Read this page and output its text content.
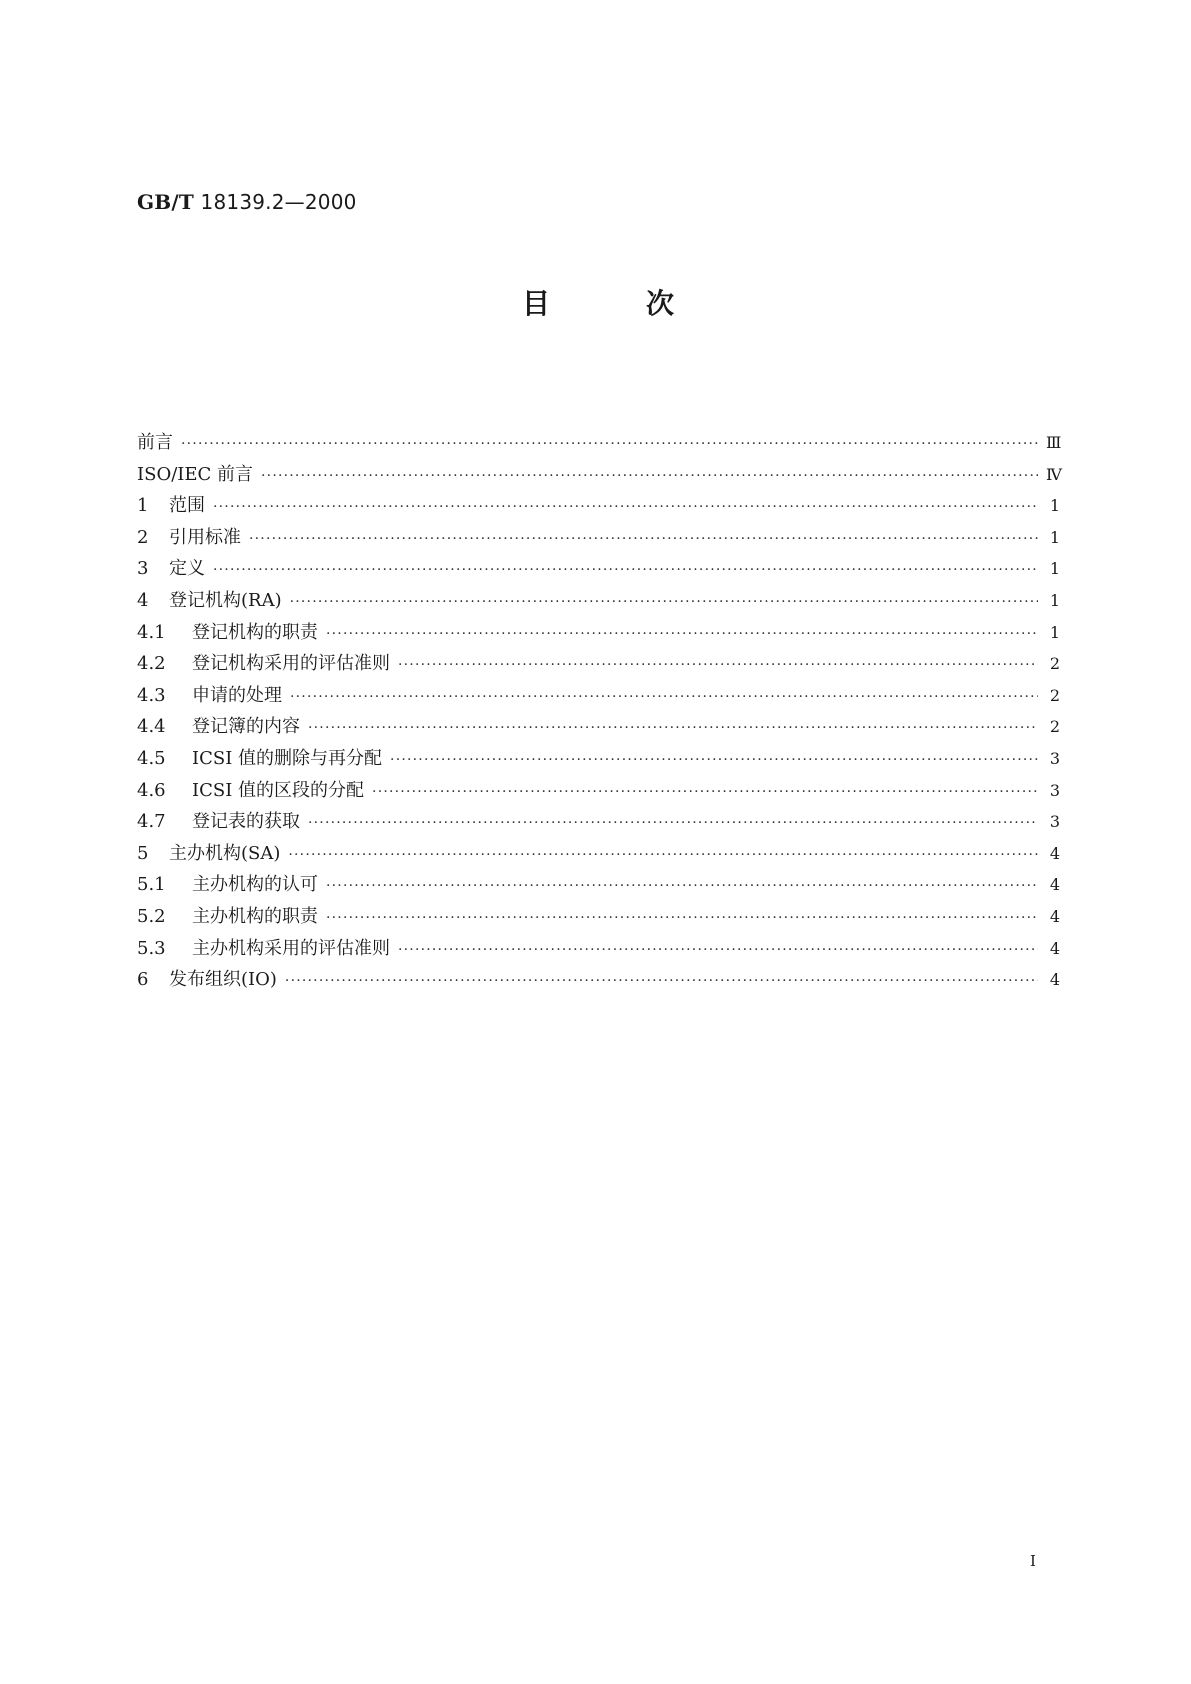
GB/T 18139.2—2000
目	次
前言 ·····	Ⅲ
ISO/IEC 前言 ·····	Ⅳ
1 范围 ·····	1
2 引用标准 ·····	1
3 定义 ·····	1
4 登记机构(RA) ·····	1
4.1 登记机构的职责 ·····	1
4.2 登记机构采用的评估准则 ·····	2
4.3 申请的处理 ·····	2
4.4 登记簿的内容 ·····	2
4.5 ICSI 值的删除与再分配 ·····	3
4.6 ICSI 值的区段的分配 ·····	3
4.7 登记表的获取 ·····	3
5 主办机构(SA) ·····	4
5.1 主办机构的认可 ·····	4
5.2 主办机构的职责 ·····	4
5.3 主办机构采用的评估准则 ·····	4
6 发布组织(IO) ·····	4
I
